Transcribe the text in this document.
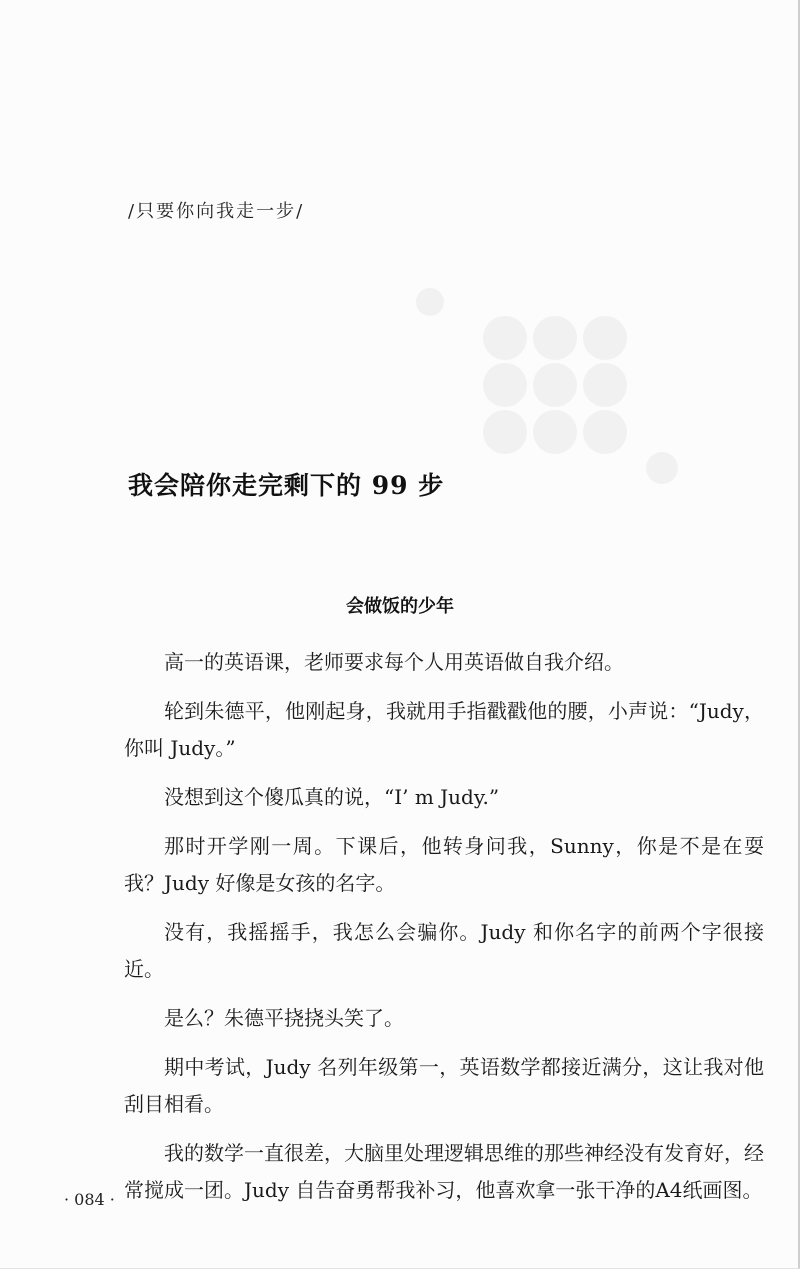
/只要你向我走一步/
我会陪你走完剩下的 99 步
会做饭的少年

高一的英语课，老师要求每个人用英语做自我介绍。

轮到朱德平，他刚起身，我就用手指戳戳他的腰，小声说：“Judy，你叫 Judy。”

没想到这个傻瓜真的说，“I’ m Judy.”

那时开学刚一周。下课后，他转身问我，Sunny，你是不是在耍我？Judy 好像是女孩的名字。

没有，我摇摇手，我怎么会骗你。Judy 和你名字的前两个字很接近。

是么？朱德平挠挠头笑了。

期中考试，Judy 名列年级第一，英语数学都接近满分，这让我对他刮目相看。

我的数学一直很差，大脑里处理逻辑思维的那些神经没有发育好，经常搅成一团。Judy 自告奋勇帮我补习，他喜欢拿一张干净的A4纸画图。

· 084 ·
